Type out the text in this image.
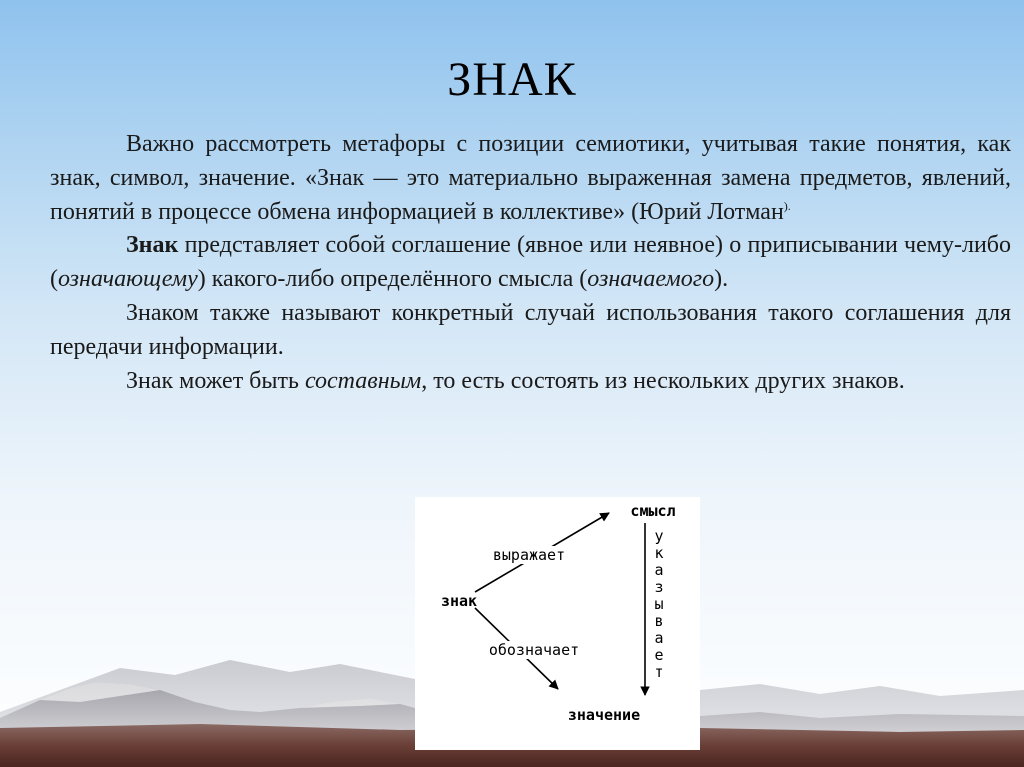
ЗНАК

Важно рассмотреть метафоры с позиции семиотики, учитывая такие понятия, как знак, символ, значение. «Знак — это материально выраженная замена предметов, явлений, понятий в процессе обмена информацией в коллективе» (Юрий Лотман).

Знак представляет собой соглашение (явное или неявное) о приписывании чему-либо (означающему) какого-либо определённого смысла (означаемого).

Знаком также называют конкретный случай использования такого соглашения для передачи информации.

Знак может быть составным, то есть состоять из нескольких других знаков.

смысл
знак
значение
выражает
обозначает
у
к
а
з
ы
в
а
е
т
